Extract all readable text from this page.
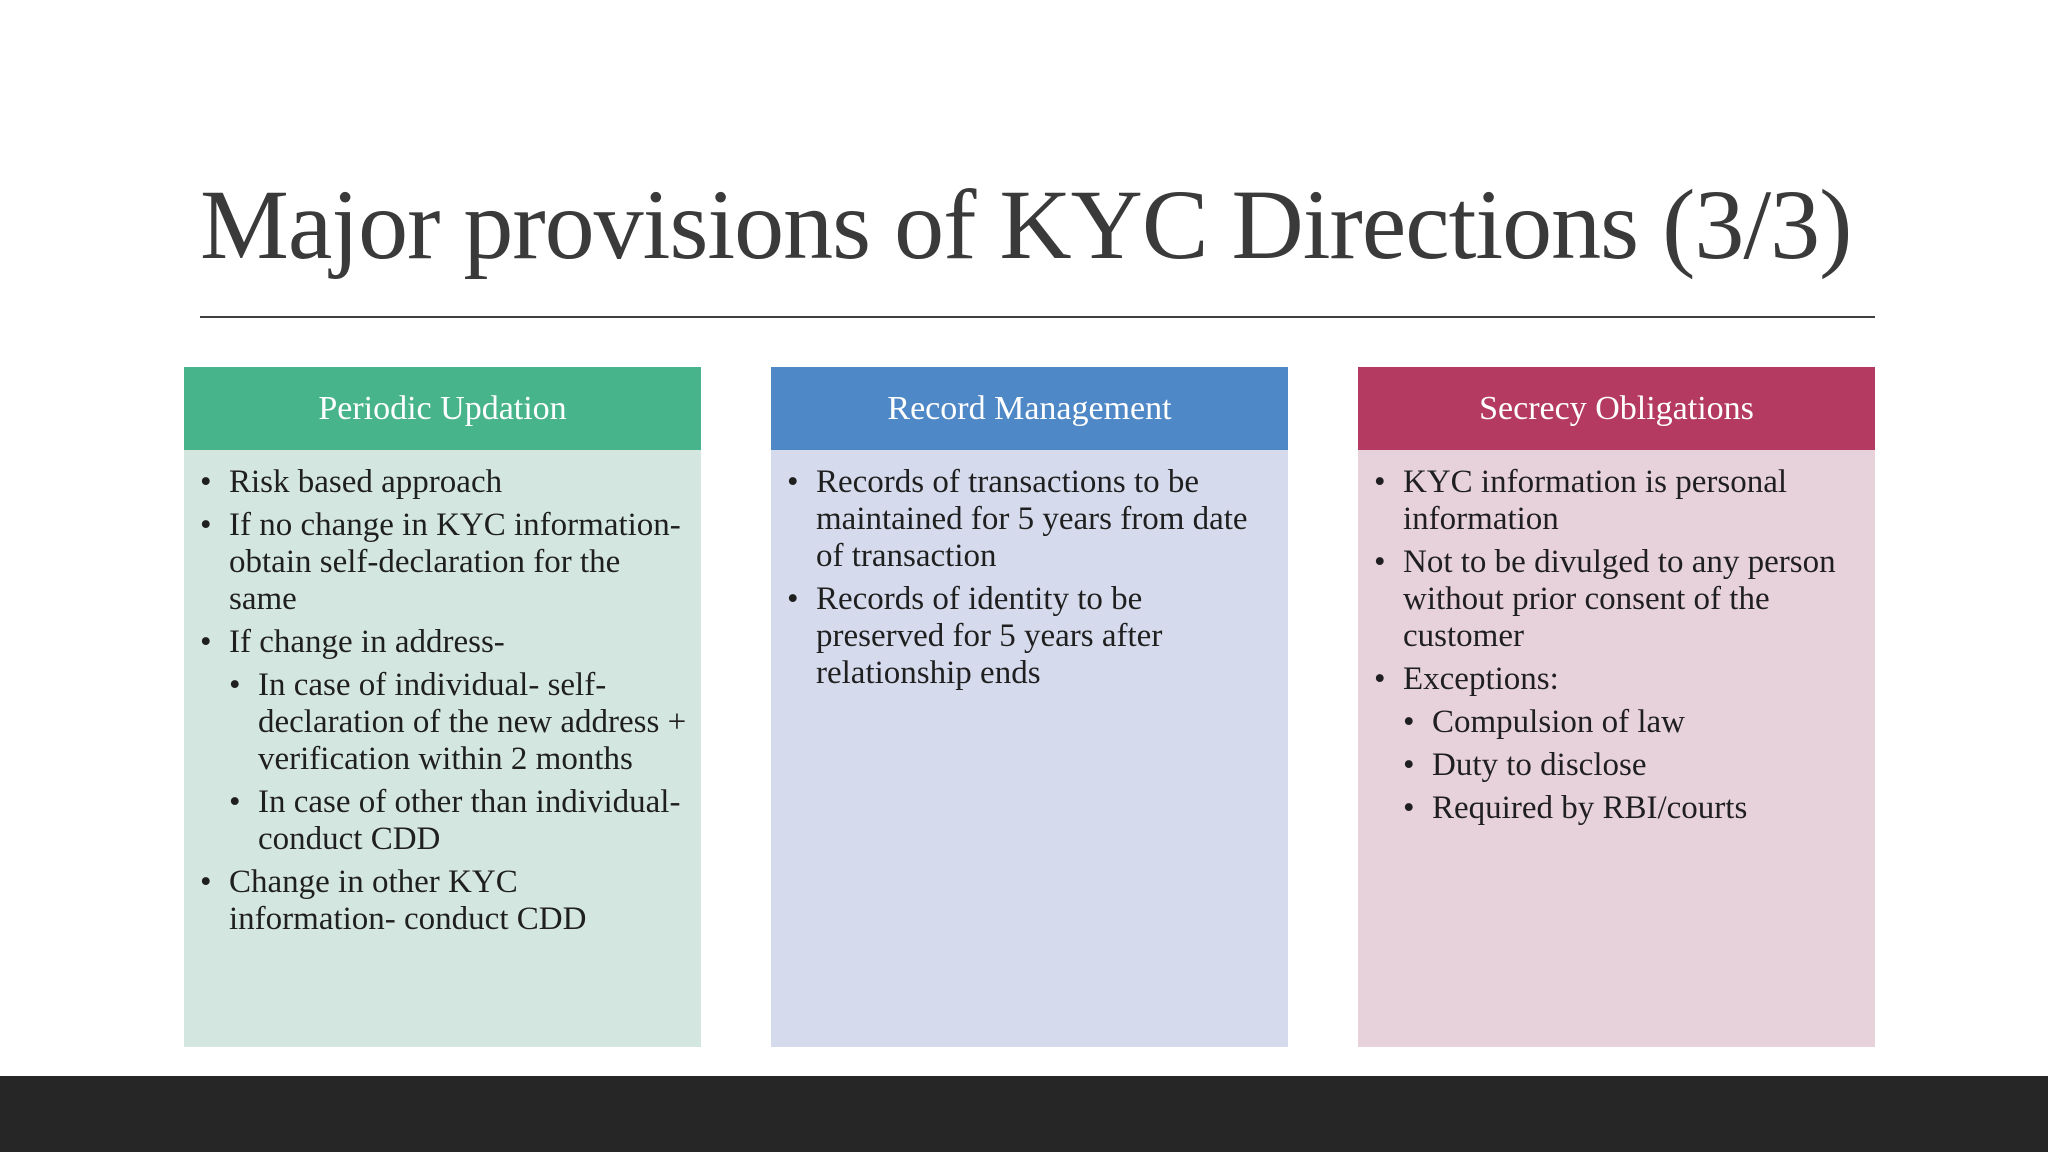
Major provisions of KYC Directions (3/3)
Periodic Updation
• Risk based approach
• If no change in KYC information- obtain self-declaration for the same
• If change in address-
• In case of individual- self-declaration of the new address + verification within 2 months
• In case of other than individual- conduct CDD
• Change in other KYC information- conduct CDD
Record Management
• Records of transactions to be maintained for 5 years from date of transaction
• Records of identity to be preserved for 5 years after relationship ends
Secrecy Obligations
• KYC information is personal information
• Not to be divulged to any person without prior consent of the customer
• Exceptions:
• Compulsion of law
• Duty to disclose
• Required by RBI/courts
